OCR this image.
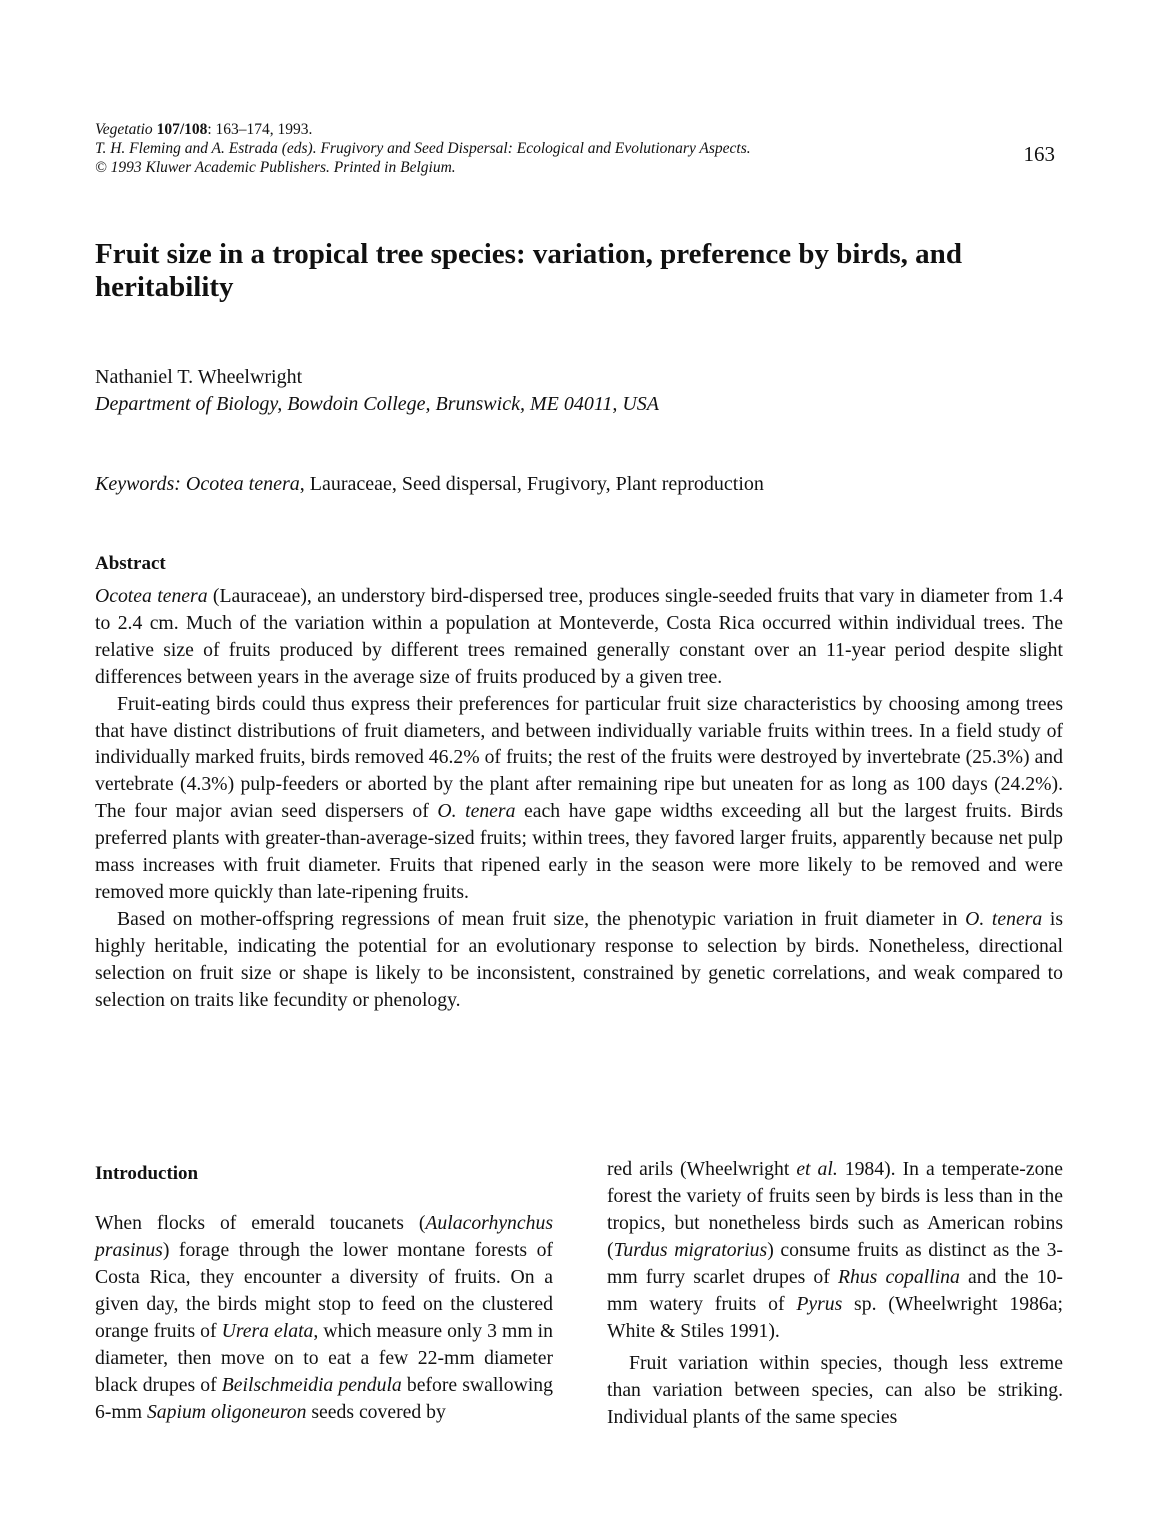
Vegetatio 107/108: 163–174, 1993.
T. H. Fleming and A. Estrada (eds). Frugivory and Seed Dispersal: Ecological and Evolutionary Aspects.
© 1993 Kluwer Academic Publishers. Printed in Belgium.
163
Fruit size in a tropical tree species: variation, preference by birds, and heritability
Nathaniel T. Wheelwright
Department of Biology, Bowdoin College, Brunswick, ME 04011, USA
Keywords: Ocotea tenera, Lauraceae, Seed dispersal, Frugivory, Plant reproduction
Abstract

Ocotea tenera (Lauraceae), an understory bird-dispersed tree, produces single-seeded fruits that vary in diameter from 1.4 to 2.4 cm. Much of the variation within a population at Monteverde, Costa Rica occurred within individual trees. The relative size of fruits produced by different trees remained generally constant over an 11-year period despite slight differences between years in the average size of fruits produced by a given tree.

Fruit-eating birds could thus express their preferences for particular fruit size characteristics by choosing among trees that have distinct distributions of fruit diameters, and between individually variable fruits within trees. In a field study of individually marked fruits, birds removed 46.2% of fruits; the rest of the fruits were destroyed by invertebrate (25.3%) and vertebrate (4.3%) pulp-feeders or aborted by the plant after remaining ripe but uneaten for as long as 100 days (24.2%). The four major avian seed dispersers of O. tenera each have gape widths exceeding all but the largest fruits. Birds preferred plants with greater-than-average-sized fruits; within trees, they favored larger fruits, apparently because net pulp mass increases with fruit diameter. Fruits that ripened early in the season were more likely to be removed and were removed more quickly than late-ripening fruits.

Based on mother-offspring regressions of mean fruit size, the phenotypic variation in fruit diameter in O. tenera is highly heritable, indicating the potential for an evolutionary response to selection by birds. Nonetheless, directional selection on fruit size or shape is likely to be inconsistent, constrained by genetic correlations, and weak compared to selection on traits like fecundity or phenology.

Introduction

When flocks of emerald toucanets (Aulacorhynchus prasinus) forage through the lower montane forests of Costa Rica, they encounter a diversity of fruits. On a given day, the birds might stop to feed on the clustered orange fruits of Urera elata, which measure only 3 mm in diameter, then move on to eat a few 22-mm diameter black drupes of Beilschmeidia pendula before swallowing 6-mm Sapium oligoneuron seeds covered by

red arils (Wheelwright et al. 1984). In a temperate-zone forest the variety of fruits seen by birds is less than in the tropics, but nonetheless birds such as American robins (Turdus migratorius) consume fruits as distinct as the 3-mm furry scarlet drupes of Rhus copallina and the 10-mm watery fruits of Pyrus sp. (Wheelwright 1986a; White & Stiles 1991).

Fruit variation within species, though less extreme than variation between species, can also be striking. Individual plants of the same species
